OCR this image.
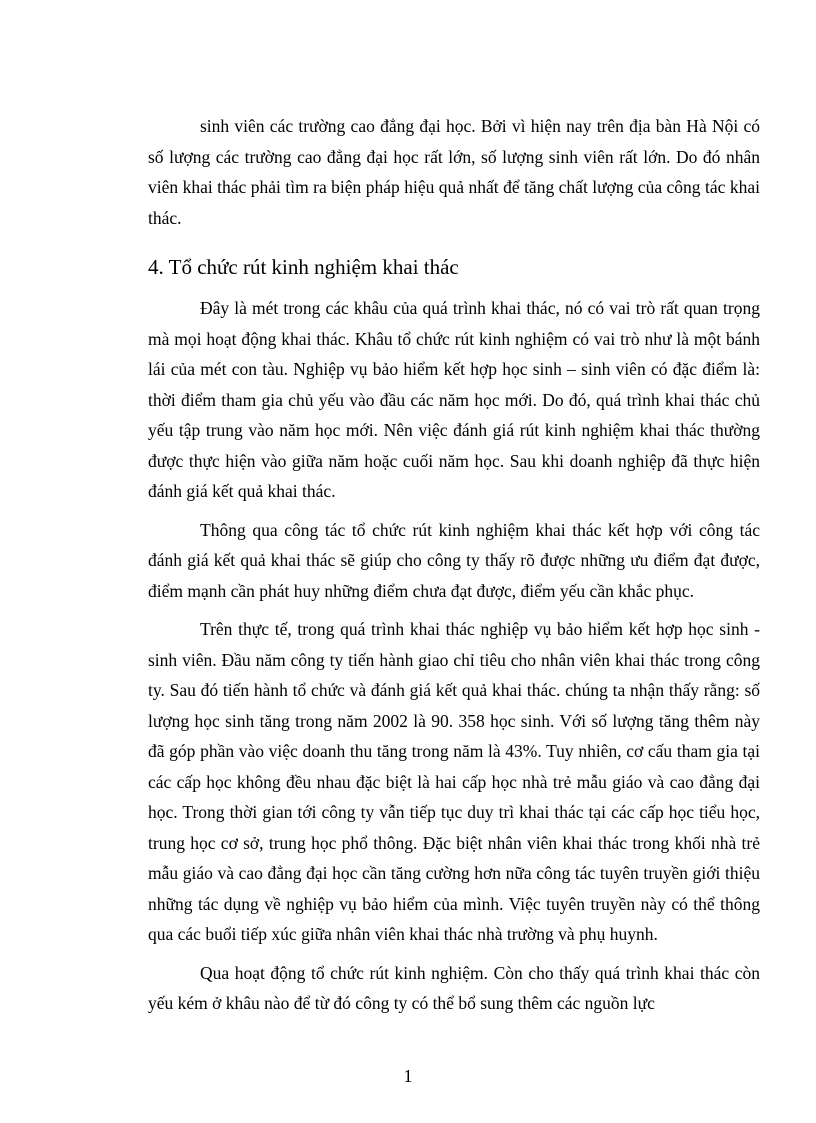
sinh viên các trường cao đẳng đại học. Bởi vì hiện nay trên địa bàn Hà Nội có số lượng các trường cao đẳng đại học rất lớn, số lượng sinh viên rất lớn. Do đó nhân viên khai thác phải tìm ra biện pháp hiệu quả nhất để tăng chất lượng của công tác khai thác.

4. Tổ chức rút kinh nghiệm khai thác

Đây là mét trong các khâu của quá trình khai thác, nó có vai trò rất quan trọng mà mọi hoạt động khai thác. Khâu tổ chức rút kinh nghiệm có vai trò như là một bánh lái của mét con tàu. Nghiệp vụ bảo hiểm kết hợp học sinh – sinh viên có đặc điểm là: thời điểm tham gia chủ yếu vào đầu các năm học mới. Do đó, quá trình khai thác chủ yếu tập trung vào năm học mới. Nên việc đánh giá rút kinh nghiệm khai thác thường được thực hiện vào giữa năm hoặc cuối năm học. Sau khi doanh nghiệp đã thực hiện đánh giá kết quả khai thác.

Thông qua công tác tổ chức rút kinh nghiệm khai thác kết hợp với công tác đánh giá kết quả khai thác sẽ giúp cho công ty thấy rõ được những ưu điểm đạt được, điểm mạnh cần phát huy những điểm chưa đạt được, điểm yếu cần khắc phục.

Trên thực tế, trong quá trình khai thác nghiệp vụ bảo hiểm kết hợp học sinh - sinh viên. Đầu năm công ty tiến hành giao chỉ tiêu cho nhân viên khai thác trong công ty. Sau đó tiến hành tổ chức và đánh giá kết quả khai thác. chúng ta nhận thấy rằng: số lượng học sinh tăng trong năm 2002 là 90. 358 học sinh. Với số lượng tăng thêm này đã góp phần vào việc doanh thu tăng trong năm là 43%. Tuy nhiên, cơ cấu tham gia tại các cấp học không đều nhau đặc biệt là hai cấp học nhà trẻ mẫu giáo và cao đẳng đại học. Trong thời gian tới công ty vẫn tiếp tục duy trì khai thác tại các cấp học tiểu học, trung học cơ sở, trung học phổ thông. Đặc biệt nhân viên khai thác trong khối nhà trẻ mẫu giáo và cao đẳng đại học cần tăng cường hơn nữa công tác tuyên truyền giới thiệu những tác dụng về nghiệp vụ bảo hiểm của mình. Việc tuyên truyền này có thể thông qua các buổi tiếp xúc giữa nhân viên khai thác nhà trường và phụ huynh.

Qua hoạt động tổ chức rút kinh nghiệm. Còn cho thấy quá trình khai thác còn yếu kém ở khâu nào để từ đó công ty có thể bổ sung thêm các nguồn lực

1
